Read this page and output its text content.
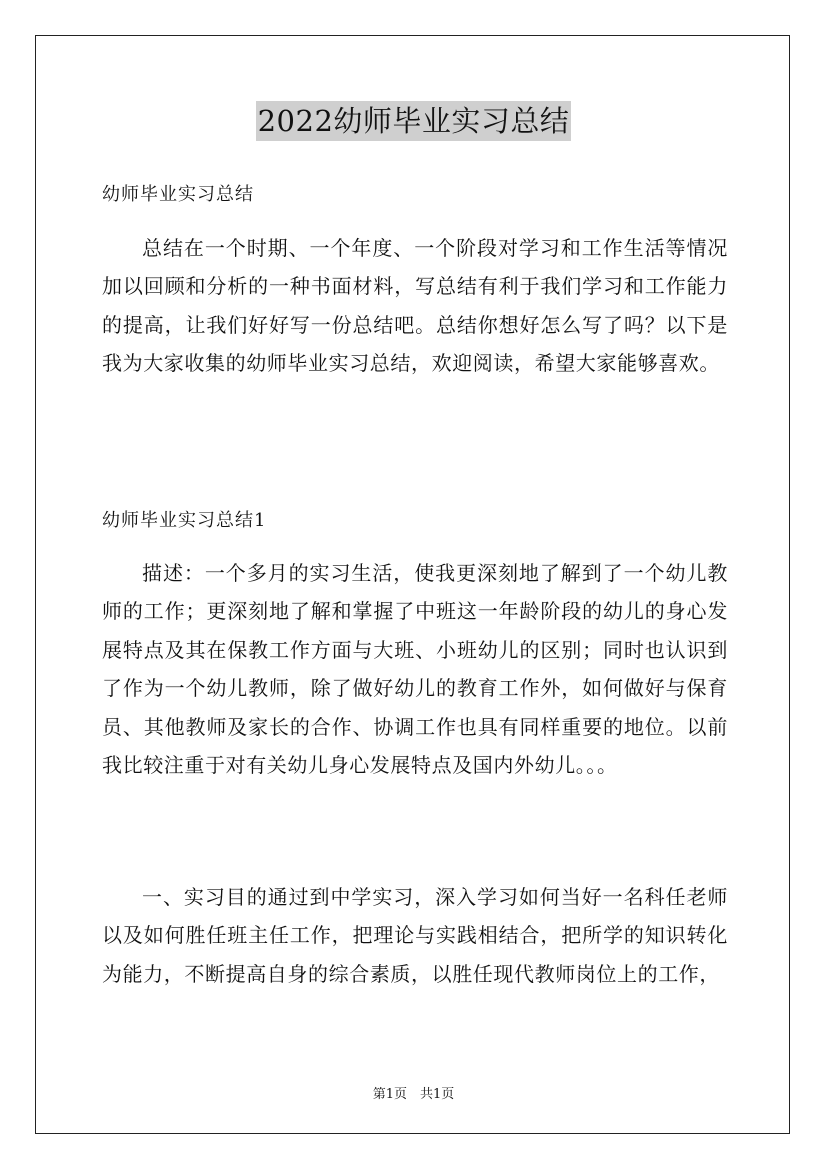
2022幼师毕业实习总结
幼师毕业实习总结
总结在一个时期、一个年度、一个阶段对学习和工作生活等情况加以回顾和分析的一种书面材料，写总结有利于我们学习和工作能力的提高，让我们好好写一份总结吧。总结你想好怎么写了吗？以下是我为大家收集的幼师毕业实习总结，欢迎阅读，希望大家能够喜欢。
幼师毕业实习总结1
描述：一个多月的实习生活，使我更深刻地了解到了一个幼儿教师的工作；更深刻地了解和掌握了中班这一年龄阶段的幼儿的身心发展特点及其在保教工作方面与大班、小班幼儿的区别；同时也认识到了作为一个幼儿教师，除了做好幼儿的教育工作外，如何做好与保育员、其他教师及家长的合作、协调工作也具有同样重要的地位。以前我比较注重于对有关幼儿身心发展特点及国内外幼儿。。。
一、实习目的通过到中学实习，深入学习如何当好一名科任老师以及如何胜任班主任工作，把理论与实践相结合，把所学的知识转化为能力，不断提高自身的综合素质，以胜任现代教师岗位上的工作，
第1页　共1页
